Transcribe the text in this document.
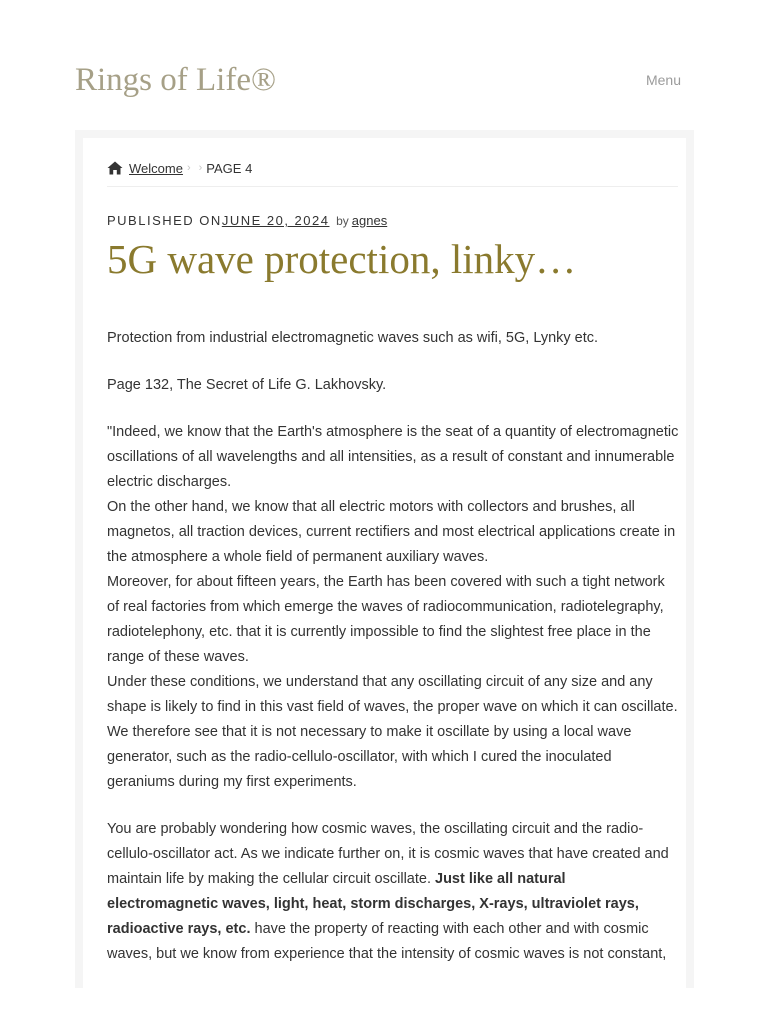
Rings of Life®	Menu
Welcome › › PAGE 4
PUBLISHED ONJUNE 20, 2024 by agnes
5G wave protection, linky…

Protection from industrial electromagnetic waves such as wifi, 5G, Lynky etc.

Page 132, The Secret of Life G. Lakhovsky.

"Indeed, we know that the Earth's atmosphere is the seat of a quantity of electromagnetic oscillations of all wavelengths and all intensities, as a result of constant and innumerable electric discharges.

On the other hand, we know that all electric motors with collectors and brushes, all magnetos, all traction devices, current rectifiers and most electrical applications create in the atmosphere a whole field of permanent auxiliary waves.

Moreover, for about fifteen years, the Earth has been covered with such a tight network of real factories from which emerge the waves of radiocommunication, radiotelegraphy, radiotelephony, etc. that it is currently impossible to find the slightest free place in the range of these waves.

Under these conditions, we understand that any oscillating circuit of any size and any shape is likely to find in this vast field of waves, the proper wave on which it can oscillate. We therefore see that it is not necessary to make it oscillate by using a local wave generator, such as the radio-cellulo-oscillator, with which I cured the inoculated geraniums during my first experiments.

You are probably wondering how cosmic waves, the oscillating circuit and the radio-cellulo-oscillator act. As we indicate further on, it is cosmic waves that have created and maintain life by making the cellular circuit oscillate. Just like all natural electromagnetic waves, light, heat, storm discharges, X-rays, ultraviolet rays, radioactive rays, etc. have the property of reacting with each other and with cosmic waves, but we know from experience that the intensity of cosmic waves is not constant,
